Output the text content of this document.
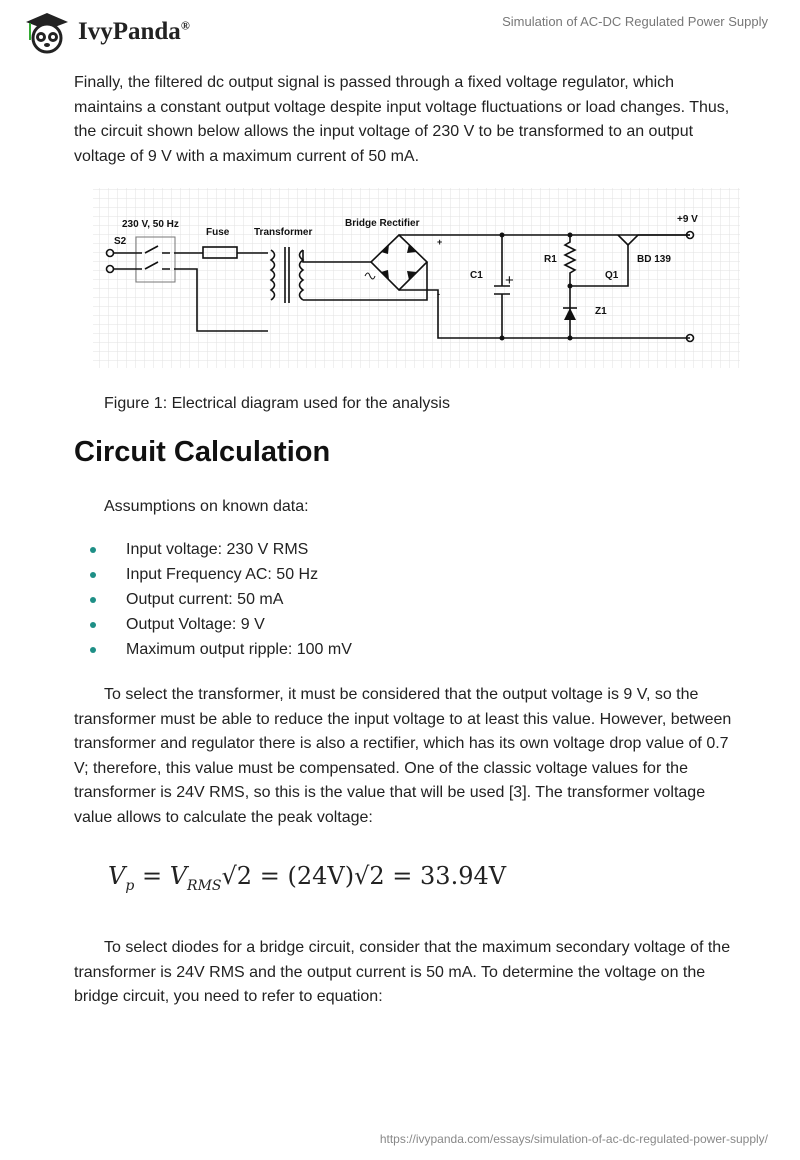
IvyPanda®	Simulation of AC-DC Regulated Power Supply
Finally, the filtered dc output signal is passed through a fixed voltage regulator, which maintains a constant output voltage despite input voltage fluctuations or load changes. Thus, the circuit shown below allows the input voltage of 230 V to be transformed to an output voltage of 9 V with a maximum current of 50 mA.
230 V, 50 Hz
S2
Fuse Transformer
Bridge Rectifier
+
-
C1 +
R1
Q1
BD 139
Z1
+9 V
Figure 1: Electrical diagram used for the analysis
Circuit Calculation
Assumptions on known data:
Input voltage: 230 V RMS
Input Frequency AC: 50 Hz
Output current: 50 mA
Output Voltage: 9 V
Maximum output ripple: 100 mV
To select the transformer, it must be considered that the output voltage is 9 V, so the transformer must be able to reduce the input voltage to at least this value. However, between transformer and regulator there is also a rectifier, which has its own voltage drop value of 0.7 V; therefore, this value must be compensated. One of the classic voltage values for the transformer is 24V RMS, so this is the value that will be used [3]. The transformer voltage value allows to calculate the peak voltage:
$V_p = V_{RMS}√2 = (24V)√2 = 33.94V$
To select diodes for a bridge circuit, consider that the maximum secondary voltage of the transformer is 24V RMS and the output current is 50 mA. To determine the voltage on the bridge circuit, you need to refer to equation:
https://ivypanda.com/essays/simulation-of-ac-dc-regulated-power-supply/
